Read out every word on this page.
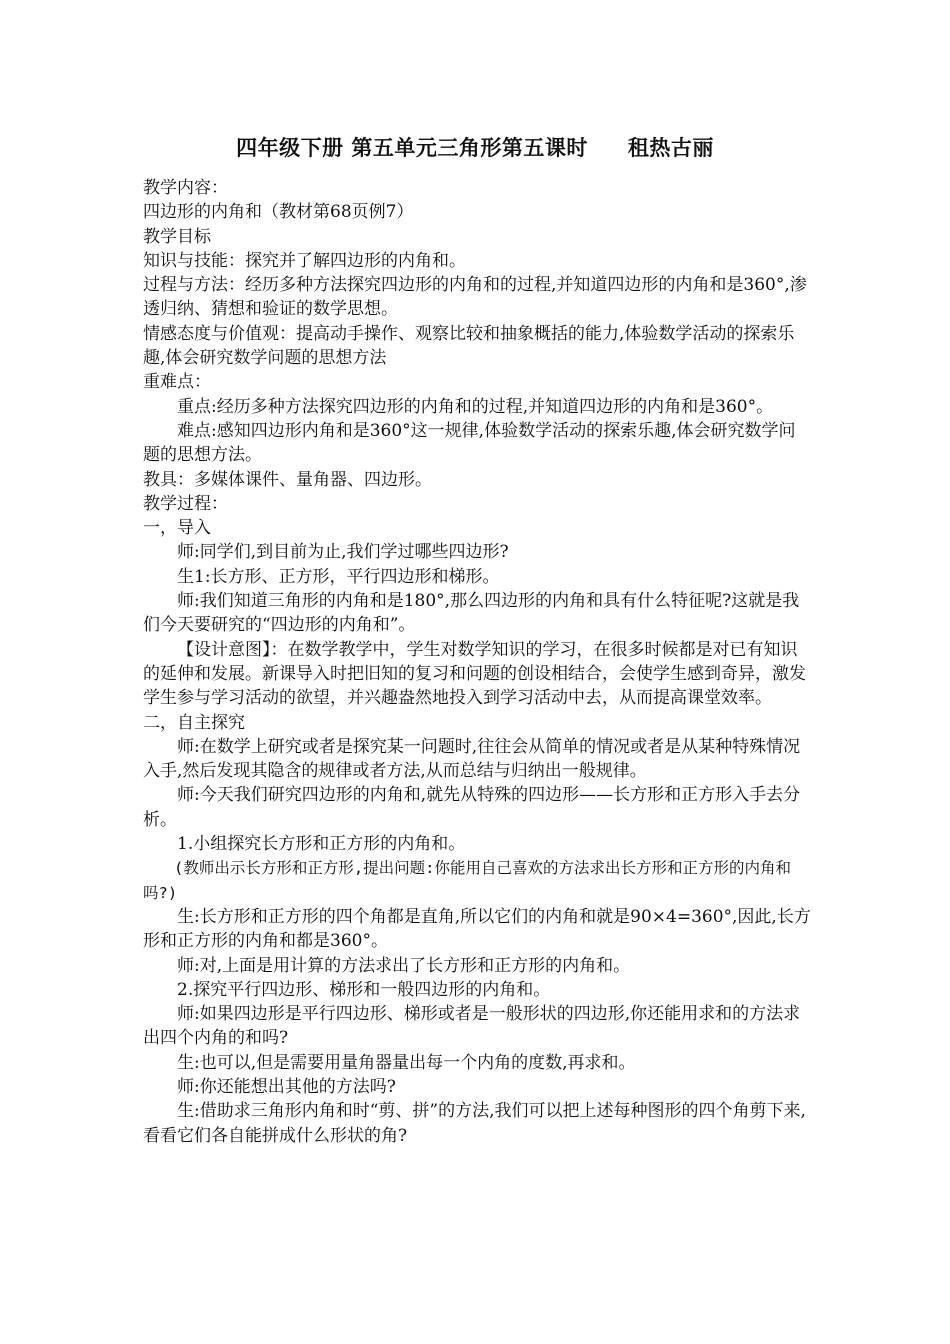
四年级下册 第五单元三角形第五课时 租热古丽

教学内容：

四边形的内角和（教材第68页例7）

教学目标

知识与技能：探究并了解四边形的内角和。

过程与方法：经历多种方法探究四边形的内角和的过程,并知道四边形的内角和是360°,渗透归纳、猜想和验证的数学思想。

情感态度与价值观：提高动手操作、观察比较和抽象概括的能力,体验数学活动的探索乐趣,体会研究数学问题的思想方法

重难点：

重点:经历多种方法探究四边形的内角和的过程,并知道四边形的内角和是360°。

难点:感知四边形内角和是360°这一规律,体验数学活动的探索乐趣,体会研究数学问题的思想方法。

教具：多媒体课件、量角器、四边形。

教学过程：

一，导入

师:同学们,到目前为止,我们学过哪些四边形?

生1:长方形、正方形，平行四边形和梯形。

师:我们知道三角形的内角和是180°,那么四边形的内角和具有什么特征呢?这就是我们今天要研究的“四边形的内角和”。

【设计意图】：在数学教学中，学生对数学知识的学习，在很多时候都是对已有知识的延伸和发展。新课导入时把旧知的复习和问题的创设相结合，会使学生感到奇异，激发学生参与学习活动的欲望，并兴趣盎然地投入到学习活动中去，从而提高课堂效率。

二，自主探究

师:在数学上研究或者是探究某一问题时,往往会从简单的情况或者是从某种特殊情况入手,然后发现其隐含的规律或者方法,从而总结与归纳出一般规律。

师:今天我们研究四边形的内角和,就先从特殊的四边形——长方形和正方形入手去分析。

1.小组探究长方形和正方形的内角和。

(教师出示长方形和正方形,提出问题:你能用自己喜欢的方法求出长方形和正方形的内角和吗?)

生:长方形和正方形的四个角都是直角,所以它们的内角和就是90×4=360°,因此,长方形和正方形的内角和都是360°。

师:对,上面是用计算的方法求出了长方形和正方形的内角和。

2.探究平行四边形、梯形和一般四边形的内角和。

师:如果四边形是平行四边形、梯形或者是一般形状的四边形,你还能用求和的方法求出四个内角的和吗?

生:也可以,但是需要用量角器量出每一个内角的度数,再求和。

师:你还能想出其他的方法吗?

生:借助求三角形内角和时“剪、拼”的方法,我们可以把上述每种图形的四个角剪下来,看看它们各自能拼成什么形状的角?
